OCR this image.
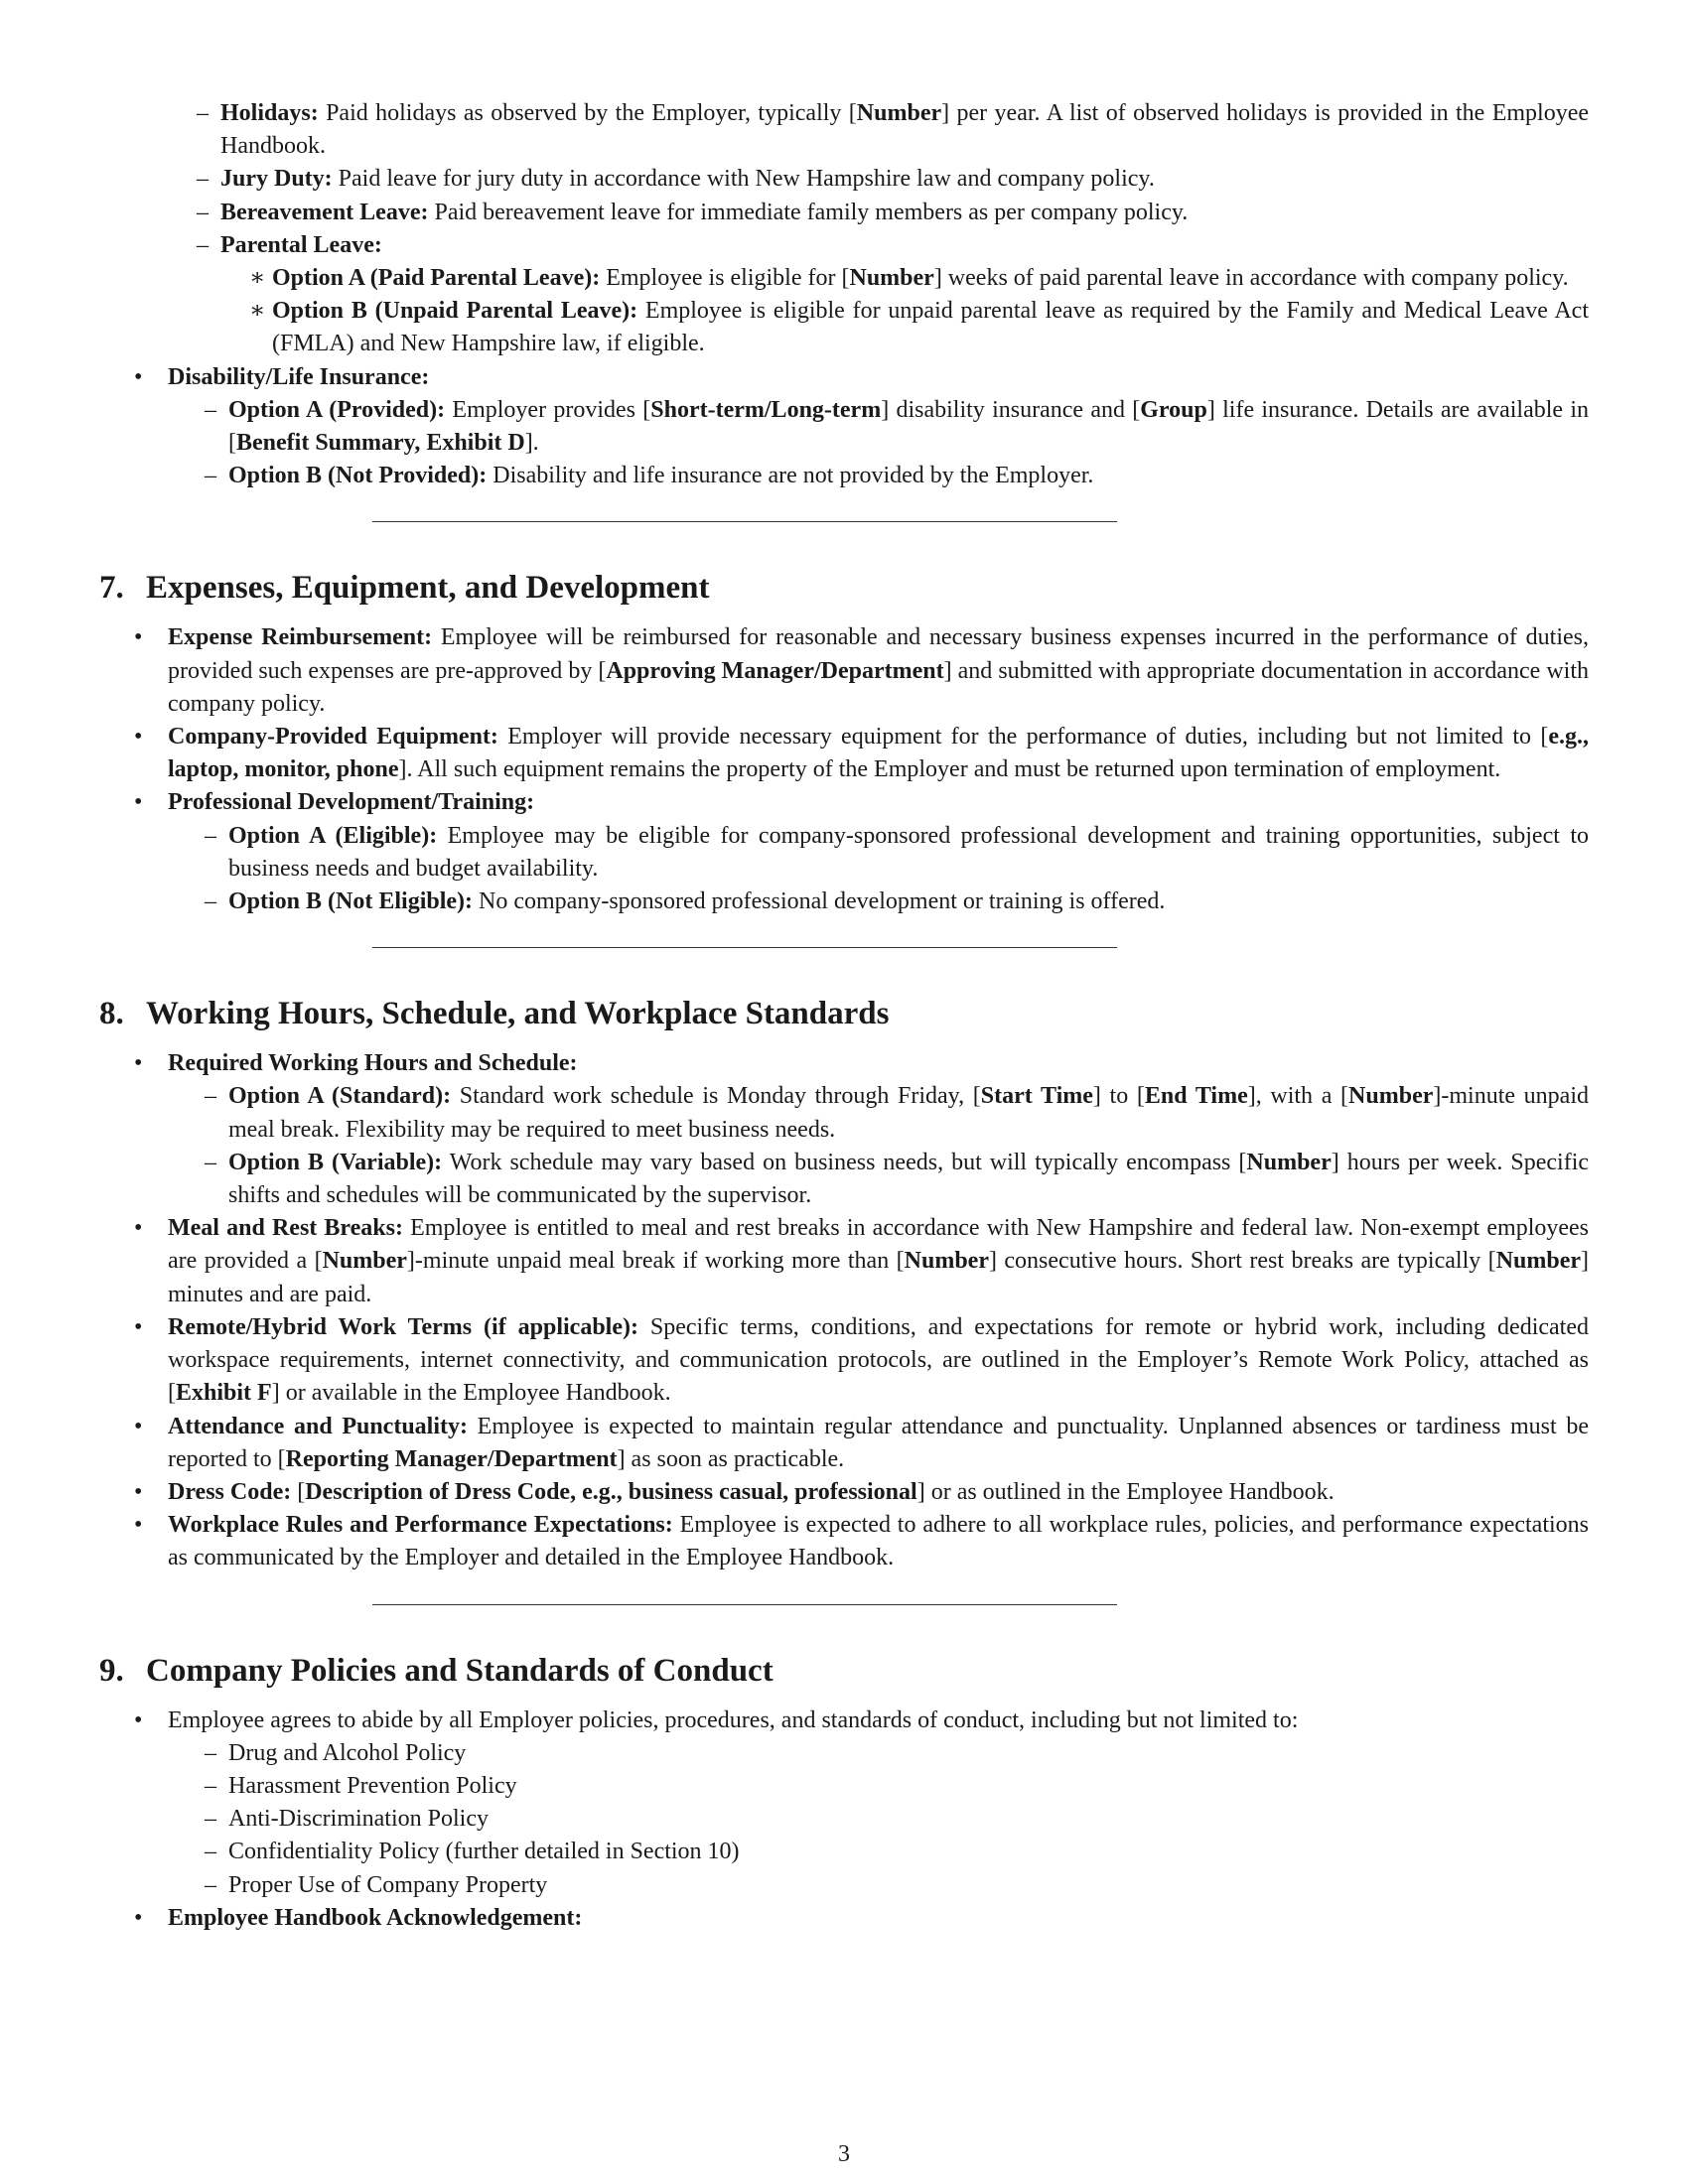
– Holidays: Paid holidays as observed by the Employer, typically [Number] per year. A list of observed holidays is provided in the Employee Handbook.
– Jury Duty: Paid leave for jury duty in accordance with New Hampshire law and company policy.
– Bereavement Leave: Paid bereavement leave for immediate family members as per company policy.
– Parental Leave:
∗ Option A (Paid Parental Leave): Employee is eligible for [Number] weeks of paid parental leave in accordance with company policy.
∗ Option B (Unpaid Parental Leave): Employee is eligible for unpaid parental leave as required by the Family and Medical Leave Act (FMLA) and New Hampshire law, if eligible.
• Disability/Life Insurance:
– Option A (Provided): Employer provides [Short-term/Long-term] disability insurance and [Group] life insurance. Details are available in [Benefit Summary, Exhibit D].
– Option B (Not Provided): Disability and life insurance are not provided by the Employer.
7. Expenses, Equipment, and Development
• Expense Reimbursement: Employee will be reimbursed for reasonable and necessary business expenses incurred in the performance of duties, provided such expenses are pre-approved by [Approving Manager/Department] and submitted with appropriate documentation in accordance with company policy.
• Company-Provided Equipment: Employer will provide necessary equipment for the performance of duties, including but not limited to [e.g., laptop, monitor, phone]. All such equipment remains the property of the Employer and must be returned upon termination of employment.
• Professional Development/Training:
– Option A (Eligible): Employee may be eligible for company-sponsored professional development and training opportunities, subject to business needs and budget availability.
– Option B (Not Eligible): No company-sponsored professional development or training is offered.
8. Working Hours, Schedule, and Workplace Standards
• Required Working Hours and Schedule:
– Option A (Standard): Standard work schedule is Monday through Friday, [Start Time] to [End Time], with a [Number]-minute unpaid meal break. Flexibility may be required to meet business needs.
– Option B (Variable): Work schedule may vary based on business needs, but will typically encompass [Number] hours per week. Specific shifts and schedules will be communicated by the supervisor.
• Meal and Rest Breaks: Employee is entitled to meal and rest breaks in accordance with New Hampshire and federal law. Non-exempt employees are provided a [Number]-minute unpaid meal break if working more than [Number] consecutive hours. Short rest breaks are typically [Number] minutes and are paid.
• Remote/Hybrid Work Terms (if applicable): Specific terms, conditions, and expectations for remote or hybrid work, including dedicated workspace requirements, internet connectivity, and communication protocols, are outlined in the Employer’s Remote Work Policy, attached as [Exhibit F] or available in the Employee Handbook.
• Attendance and Punctuality: Employee is expected to maintain regular attendance and punctuality. Unplanned absences or tardiness must be reported to [Reporting Manager/Department] as soon as practicable.
• Dress Code: [Description of Dress Code, e.g., business casual, professional] or as outlined in the Employee Handbook.
• Workplace Rules and Performance Expectations: Employee is expected to adhere to all workplace rules, policies, and performance expectations as communicated by the Employer and detailed in the Employee Handbook.
9. Company Policies and Standards of Conduct
• Employee agrees to abide by all Employer policies, procedures, and standards of conduct, including but not limited to:
– Drug and Alcohol Policy
– Harassment Prevention Policy
– Anti-Discrimination Policy
– Confidentiality Policy (further detailed in Section 10)
– Proper Use of Company Property
• Employee Handbook Acknowledgement:
3
